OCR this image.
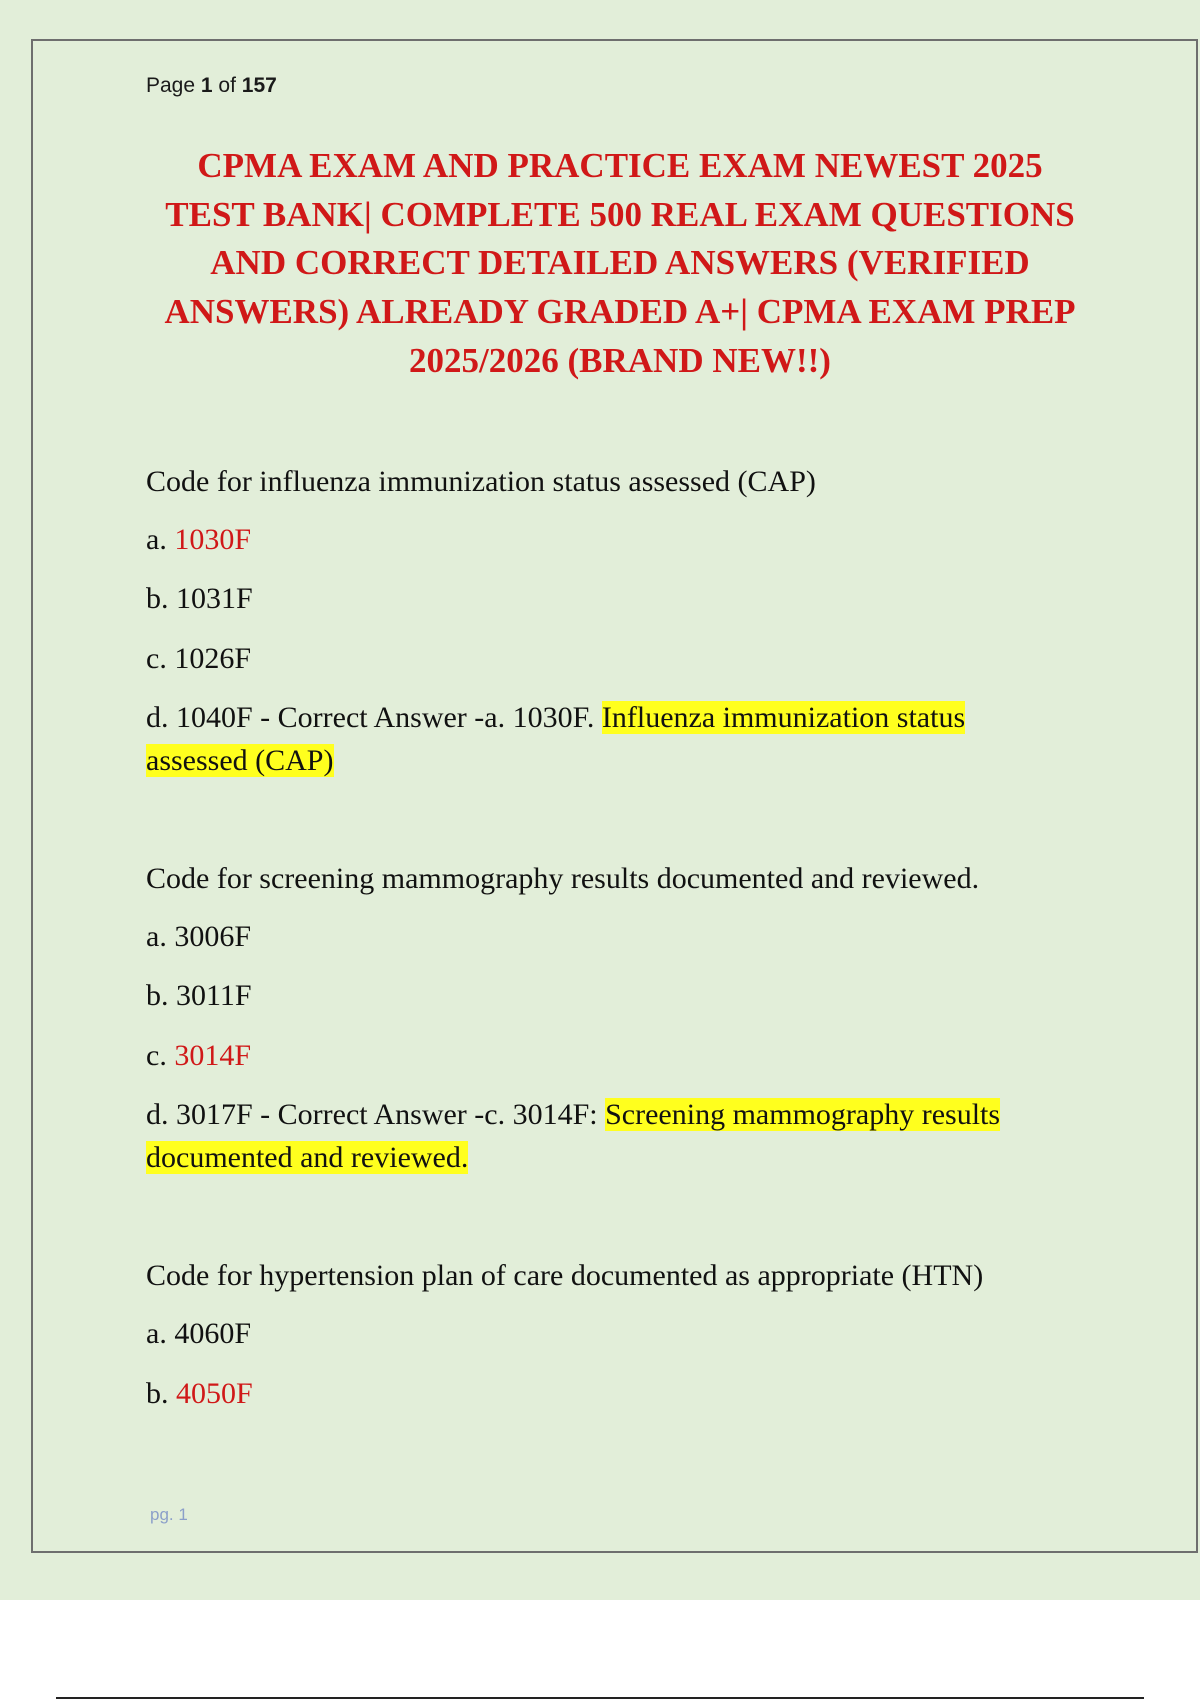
Page 1 of 157
CPMA EXAM AND PRACTICE EXAM NEWEST 2025
TEST BANK| COMPLETE 500 REAL EXAM QUESTIONS
AND CORRECT DETAILED ANSWERS (VERIFIED
ANSWERS) ALREADY GRADED A+| CPMA EXAM PREP
2025/2026 (BRAND NEW!!)
Code for influenza immunization status assessed (CAP)
a. 1030F
b. 1031F
c. 1026F
d. 1040F - Correct Answer -a. 1030F. Influenza immunization status
assessed (CAP)
Code for screening mammography results documented and reviewed.
a. 3006F
b. 3011F
c. 3014F
d. 3017F - Correct Answer -c. 3014F: Screening mammography results
documented and reviewed.
Code for hypertension plan of care documented as appropriate (HTN)
a. 4060F
b. 4050F
pg. 1
